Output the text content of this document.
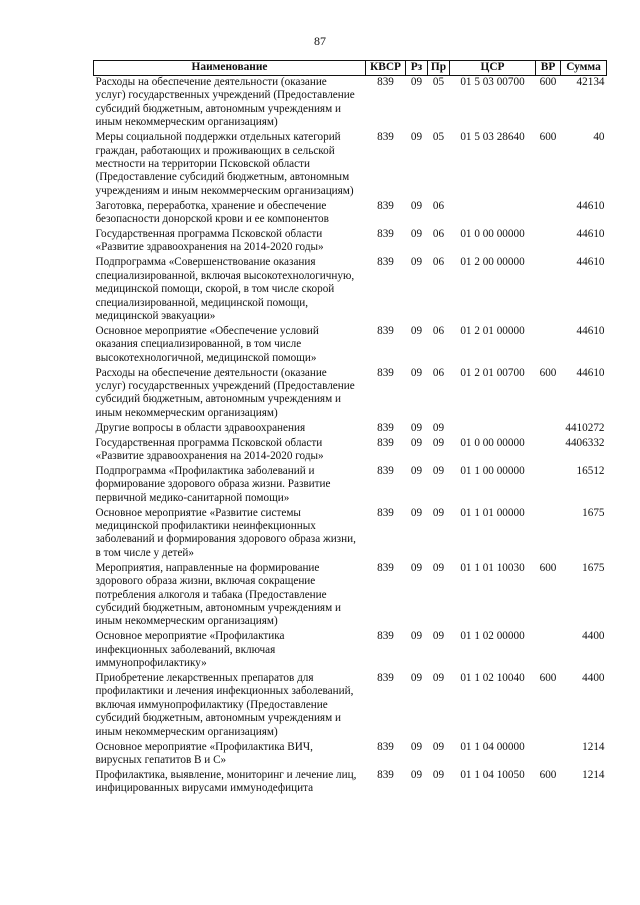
87
Наименование	КВСР	Рз	Пр	ЦСР	ВР	Сумма
Расходы на обеспечение деятельности (оказание услуг) государственных учреждений (Предоставление субсидий бюджетным, автономным учреждениям и иным некоммерческим организациям)	839	09	05	01 5 03 00700	600	42134
Меры социальной поддержки отдельных категорий граждан, работающих и проживающих в сельской местности на территории Псковской области (Предоставление субсидий бюджетным, автономным учреждениям и иным некоммерческим организациям)	839	09	05	01 5 03 28640	600	40
Заготовка, переработка, хранение и обеспечение безопасности донорской крови и ее компонентов	839	09	06			44610
Государственная программа Псковской области «Развитие здравоохранения на 2014-2020 годы»	839	09	06	01 0 00 00000		44610
Подпрограмма «Совершенствование оказания специализированной, включая высокотехнологичную, медицинской помощи, скорой, в том числе скорой специализированной, медицинской помощи, медицинской эвакуации»	839	09	06	01 2 00 00000		44610
Основное мероприятие «Обеспечение условий оказания специализированной, в том числе высокотехнологичной, медицинской помощи»	839	09	06	01 2 01 00000		44610
Расходы на обеспечение деятельности (оказание услуг) государственных учреждений (Предоставление субсидий бюджетным, автономным учреждениям и иным некоммерческим организациям)	839	09	06	01 2 01 00700	600	44610
Другие вопросы в области здравоохранения	839	09	09			4410272
Государственная программа Псковской области «Развитие здравоохранения на 2014-2020 годы»	839	09	09	01 0 00 00000		4406332
Подпрограмма «Профилактика заболеваний и формирование здорового образа жизни. Развитие первичной медико-санитарной помощи»	839	09	09	01 1 00 00000		16512
Основное мероприятие «Развитие системы медицинской профилактики неинфекционных заболеваний и формирования здорового образа жизни, в том числе у детей»	839	09	09	01 1 01 00000		1675
Мероприятия, направленные на формирование здорового образа жизни, включая сокращение потребления алкоголя и табака (Предоставление субсидий бюджетным, автономным учреждениям и иным некоммерческим организациям)	839	09	09	01 1 01 10030	600	1675
Основное мероприятие «Профилактика инфекционных заболеваний, включая иммунопрофилактику»	839	09	09	01 1 02 00000		4400
Приобретение лекарственных препаратов для профилактики и лечения инфекционных заболеваний, включая иммунопрофилактику (Предоставление субсидий бюджетным, автономным учреждениям и иным некоммерческим организациям)	839	09	09	01 1 02 10040	600	4400
Основное мероприятие «Профилактика ВИЧ, вирусных гепатитов В и С»	839	09	09	01 1 04 00000		1214
Профилактика, выявление, мониторинг и лечение лиц, инфицированных вирусами иммунодефицита	839	09	09	01 1 04 10050	600	1214
